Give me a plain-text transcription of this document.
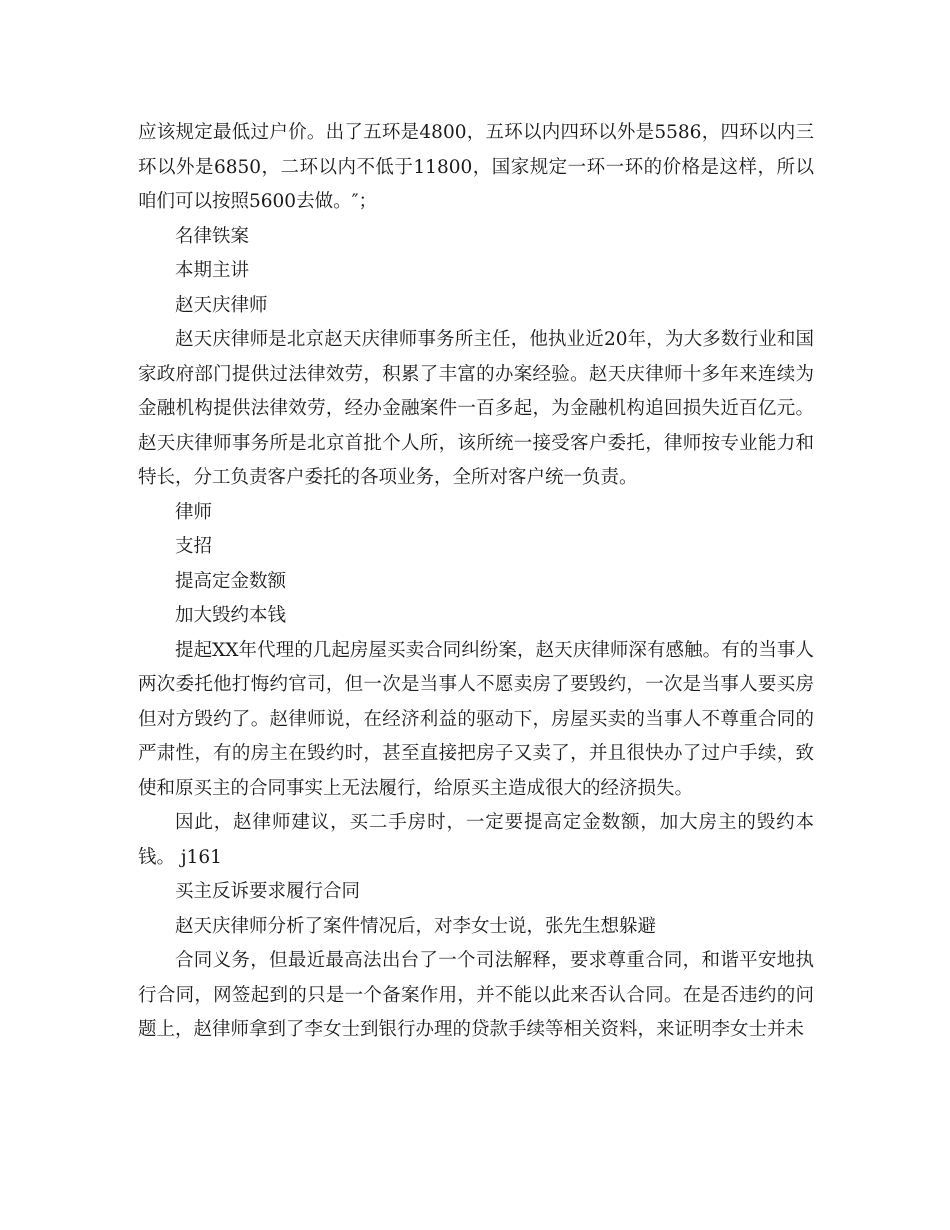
应该规定最低过户价。出了五环是4800，五环以内四环以外是5586，四环以内三环以外是6850，二环以内不低于11800，国家规定一环一环的价格是这样，所以咱们可以按照5600去做。″；

名律铁案

本期主讲

赵天庆律师

赵天庆律师是北京赵天庆律师事务所主任，他执业近20年，为大多数行业和国家政府部门提供过法律效劳，积累了丰富的办案经验。赵天庆律师十多年来连续为金融机构提供法律效劳，经办金融案件一百多起，为金融机构追回损失近百亿元。赵天庆律师事务所是北京首批个人所，该所统一接受客户委托，律师按专业能力和特长，分工负责客户委托的各项业务，全所对客户统一负责。

律师

支招

提高定金数额

加大毁约本钱

提起XX年代理的几起房屋买卖合同纠纷案，赵天庆律师深有感触。有的当事人两次委托他打悔约官司，但一次是当事人不愿卖房了要毁约，一次是当事人要买房但对方毁约了。赵律师说，在经济利益的驱动下，房屋买卖的当事人不尊重合同的严肃性，有的房主在毁约时，甚至直接把房子又卖了，并且很快办了过户手续，致使和原买主的合同事实上无法履行，给原买主造成很大的经济损失。

因此，赵律师建议，买二手房时，一定要提高定金数额，加大房主的毁约本钱。 j161

买主反诉要求履行合同

赵天庆律师分析了案件情况后，对李女士说，张先生想躲避

合同义务，但最近最高法出台了一个司法解释，要求尊重合同，和谐平安地执行合同，网签起到的只是一个备案作用，并不能以此来否认合同。在是否违约的问题上，赵律师拿到了李女士到银行办理的贷款手续等相关资料，来证明李女士并未
